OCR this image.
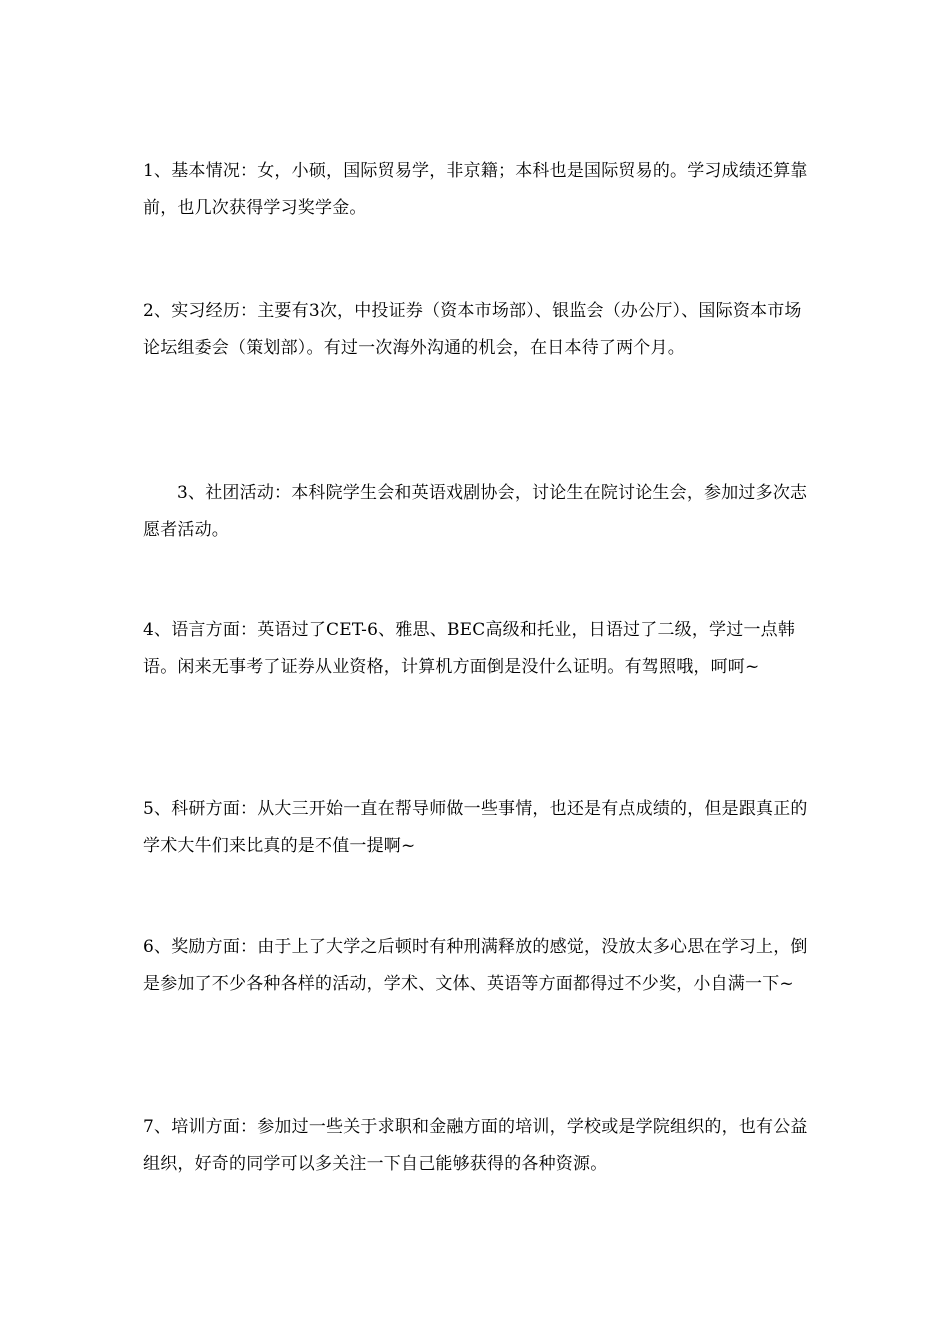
1、基本情况：女，小硕，国际贸易学，非京籍；本科也是国际贸易的。学习成绩还算靠前，也几次获得学习奖学金。

2、实习经历：主要有3次，中投证券（资本市场部）、银监会（办公厅）、国际资本市场论坛组委会（策划部）。有过一次海外沟通的机会，在日本待了两个月。

3、社团活动：本科院学生会和英语戏剧协会，讨论生在院讨论生会，参加过多次志愿者活动。

4、语言方面：英语过了CET-6、雅思、BEC高级和托业，日语过了二级，学过一点韩语。闲来无事考了证券从业资格，计算机方面倒是没什么证明。有驾照哦，呵呵~

5、科研方面：从大三开始一直在帮导师做一些事情，也还是有点成绩的，但是跟真正的学术大牛们来比真的是不值一提啊~

6、奖励方面：由于上了大学之后顿时有种刑满释放的感觉，没放太多心思在学习上，倒是参加了不少各种各样的活动，学术、文体、英语等方面都得过不少奖，小自满一下~

7、培训方面：参加过一些关于求职和金融方面的培训，学校或是学院组织的，也有公益组织，好奇的同学可以多关注一下自己能够获得的各种资源。
